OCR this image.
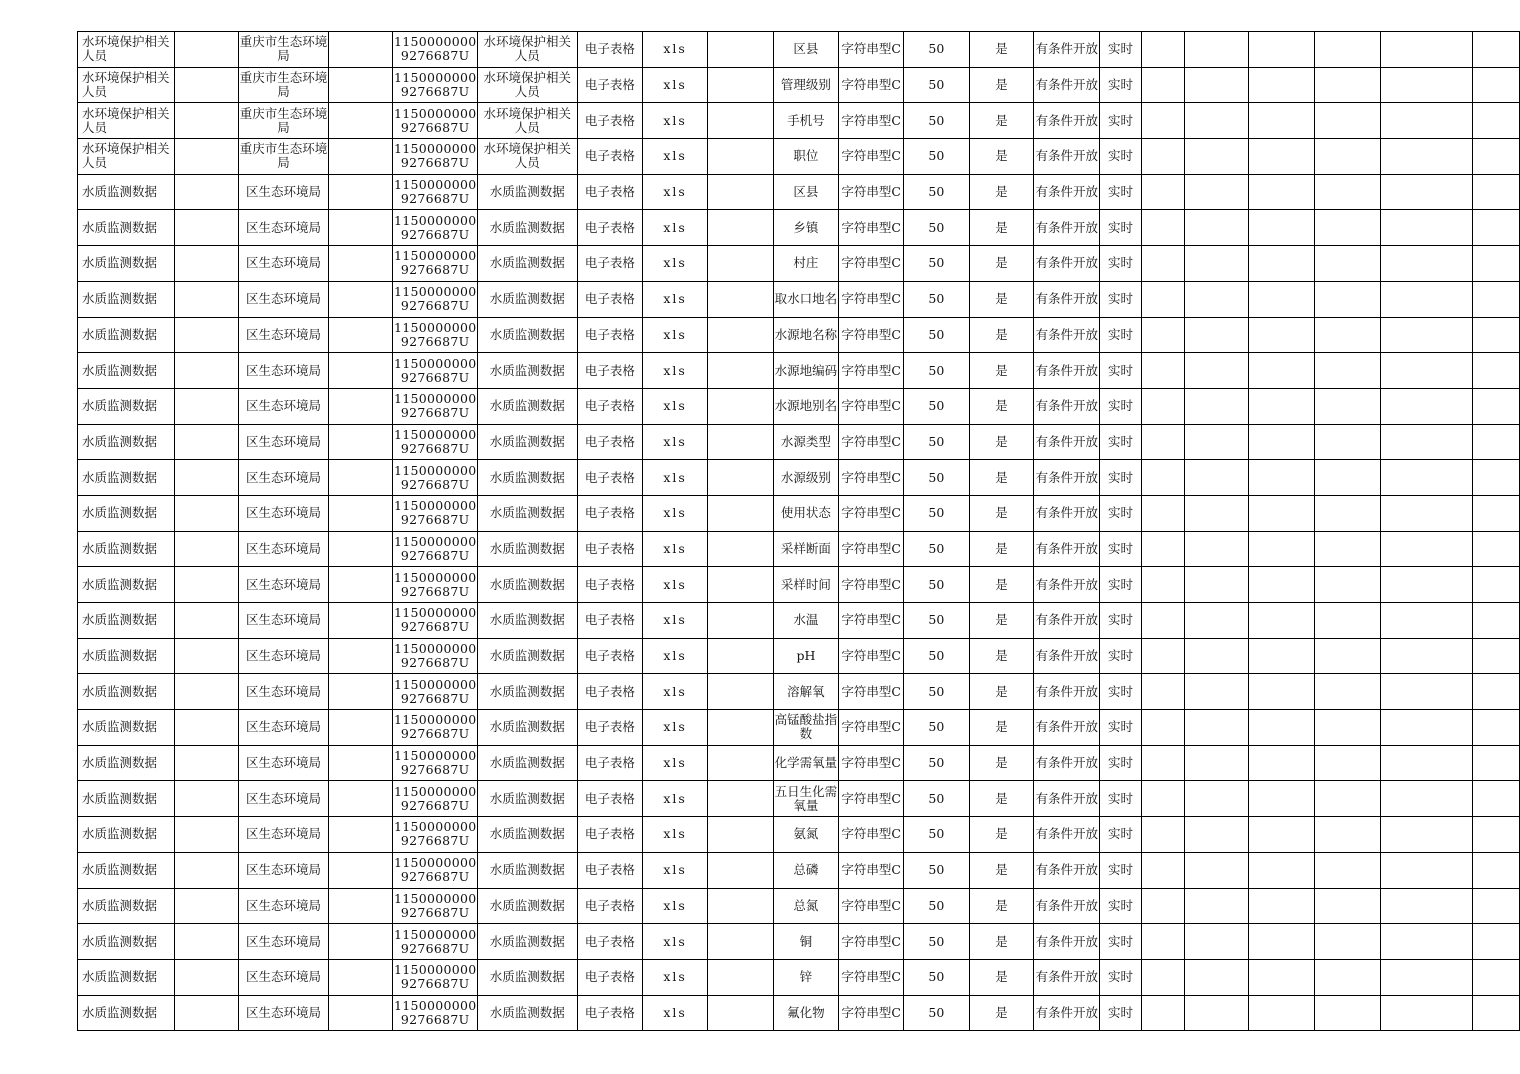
水环境保护相关人员		重庆市生态环境局		11500000009276687U	水环境保护相关人员	电子表格	xls		区县	字符串型C	50	是	有条件开放	实时						
水环境保护相关人员		重庆市生态环境局		11500000009276687U	水环境保护相关人员	电子表格	xls		管理级别	字符串型C	50	是	有条件开放	实时						
水环境保护相关人员		重庆市生态环境局		11500000009276687U	水环境保护相关人员	电子表格	xls		手机号	字符串型C	50	是	有条件开放	实时						
水环境保护相关人员		重庆市生态环境局		11500000009276687U	水环境保护相关人员	电子表格	xls		职位	字符串型C	50	是	有条件开放	实时						
水质监测数据		区生态环境局		11500000009276687U	水质监测数据	电子表格	xls		区县	字符串型C	50	是	有条件开放	实时						
水质监测数据		区生态环境局		11500000009276687U	水质监测数据	电子表格	xls		乡镇	字符串型C	50	是	有条件开放	实时						
水质监测数据		区生态环境局		11500000009276687U	水质监测数据	电子表格	xls		村庄	字符串型C	50	是	有条件开放	实时						
水质监测数据		区生态环境局		11500000009276687U	水质监测数据	电子表格	xls		取水口地名	字符串型C	50	是	有条件开放	实时						
水质监测数据		区生态环境局		11500000009276687U	水质监测数据	电子表格	xls		水源地名称	字符串型C	50	是	有条件开放	实时						
水质监测数据		区生态环境局		11500000009276687U	水质监测数据	电子表格	xls		水源地编码	字符串型C	50	是	有条件开放	实时						
水质监测数据		区生态环境局		11500000009276687U	水质监测数据	电子表格	xls		水源地别名	字符串型C	50	是	有条件开放	实时						
水质监测数据		区生态环境局		11500000009276687U	水质监测数据	电子表格	xls		水源类型	字符串型C	50	是	有条件开放	实时						
水质监测数据		区生态环境局		11500000009276687U	水质监测数据	电子表格	xls		水源级别	字符串型C	50	是	有条件开放	实时						
水质监测数据		区生态环境局		11500000009276687U	水质监测数据	电子表格	xls		使用状态	字符串型C	50	是	有条件开放	实时						
水质监测数据		区生态环境局		11500000009276687U	水质监测数据	电子表格	xls		采样断面	字符串型C	50	是	有条件开放	实时						
水质监测数据		区生态环境局		11500000009276687U	水质监测数据	电子表格	xls		采样时间	字符串型C	50	是	有条件开放	实时						
水质监测数据		区生态环境局		11500000009276687U	水质监测数据	电子表格	xls		水温	字符串型C	50	是	有条件开放	实时						
水质监测数据		区生态环境局		11500000009276687U	水质监测数据	电子表格	xls		pH	字符串型C	50	是	有条件开放	实时						
水质监测数据		区生态环境局		11500000009276687U	水质监测数据	电子表格	xls		溶解氧	字符串型C	50	是	有条件开放	实时						
水质监测数据		区生态环境局		11500000009276687U	水质监测数据	电子表格	xls		高锰酸盐指数	字符串型C	50	是	有条件开放	实时						
水质监测数据		区生态环境局		11500000009276687U	水质监测数据	电子表格	xls		化学需氧量	字符串型C	50	是	有条件开放	实时						
水质监测数据		区生态环境局		11500000009276687U	水质监测数据	电子表格	xls		五日生化需氧量	字符串型C	50	是	有条件开放	实时						
水质监测数据		区生态环境局		11500000009276687U	水质监测数据	电子表格	xls		氨氮	字符串型C	50	是	有条件开放	实时						
水质监测数据		区生态环境局		11500000009276687U	水质监测数据	电子表格	xls		总磷	字符串型C	50	是	有条件开放	实时						
水质监测数据		区生态环境局		11500000009276687U	水质监测数据	电子表格	xls		总氮	字符串型C	50	是	有条件开放	实时						
水质监测数据		区生态环境局		11500000009276687U	水质监测数据	电子表格	xls		铜	字符串型C	50	是	有条件开放	实时						
水质监测数据		区生态环境局		11500000009276687U	水质监测数据	电子表格	xls		锌	字符串型C	50	是	有条件开放	实时						
水质监测数据		区生态环境局		11500000009276687U	水质监测数据	电子表格	xls		氟化物	字符串型C	50	是	有条件开放	实时						
